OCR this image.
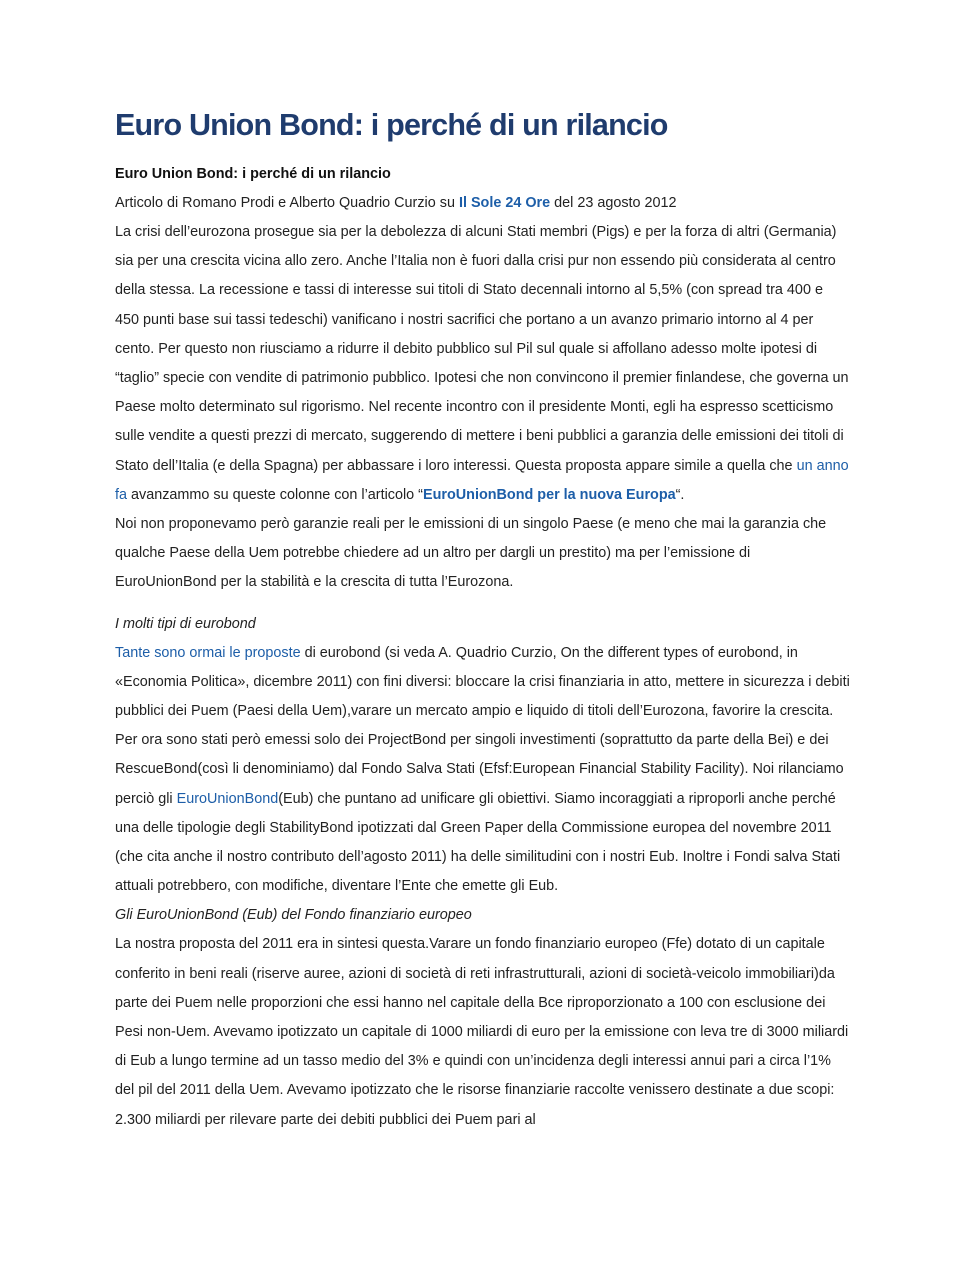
Euro Union Bond: i perché di un rilancio
Euro Union Bond: i perché di un rilancio
Articolo di Romano Prodi e Alberto Quadrio Curzio su Il Sole 24 Ore del 23 agosto 2012

La crisi dell’eurozona prosegue sia per la debolezza di alcuni Stati membri (Pigs) e per la forza di altri (Germania) sia per una crescita vicina allo zero. Anche l’Italia non è fuori dalla crisi pur non essendo più considerata al centro della stessa. La recessione e tassi di interesse sui titoli di Stato decennali intorno al 5,5% (con spread tra 400 e 450 punti base sui tassi tedeschi) vanificano i nostri sacrifici che portano a un avanzo primario intorno al 4 per cento. Per questo non riusciamo a ridurre il debito pubblico sul Pil sul quale si affollano adesso molte ipotesi di “taglio” specie con vendite di patrimonio pubblico. Ipotesi che non convincono il premier finlandese, che governa un Paese molto determinato sul rigorismo. Nel recente incontro con il presidente Monti, egli ha espresso scetticismo sulle vendite a questi prezzi di mercato, suggerendo di mettere i beni pubblici a garanzia delle emissioni dei titoli di Stato dell’Italia (e della Spagna) per abbassare i loro interessi. Questa proposta appare simile a quella che un anno fa avanzammo su queste colonne con l’articolo “EuroUnionBond per la nuova Europa“.

Noi non proponevamo però garanzie reali per le emissioni di un singolo Paese (e meno che mai la garanzia che qualche Paese della Uem potrebbe chiedere ad un altro per dargli un prestito) ma per l’emissione di EuroUnionBond per la stabilità e la crescita di tutta l’Eurozona.

I molti tipi di eurobond

Tante sono ormai le proposte di eurobond (si veda A. Quadrio Curzio, On the different types of eurobond, in «Economia Politica», dicembre 2011) con fini diversi: bloccare la crisi finanziaria in atto, mettere in sicurezza i debiti pubblici dei Puem (Paesi della Uem),varare un mercato ampio e liquido di titoli dell’Eurozona, favorire la crescita. Per ora sono stati però emessi solo dei ProjectBond per singoli investimenti (soprattutto da parte della Bei) e dei RescueBond(così li denominiamo) dal Fondo Salva Stati (Efsf:European Financial Stability Facility). Noi rilanciamo perciò gli EuroUnionBond(Eub) che puntano ad unificare gli obiettivi. Siamo incoraggiati a riproporli anche perché una delle tipologie degli StabilityBond ipotizzati dal Green Paper della Commissione europea del novembre 2011 (che cita anche il nostro contributo dell’agosto 2011) ha delle similitudini con i nostri Eub. Inoltre i Fondi salva Stati attuali potrebbero, con modifiche, diventare l’Ente che emette gli Eub.

Gli EuroUnionBond (Eub) del Fondo finanziario europeo

La nostra proposta del 2011 era in sintesi questa.Varare un fondo finanziario europeo (Ffe) dotato di un capitale conferito in beni reali (riserve auree, azioni di società di reti infrastrutturali, azioni di società-veicolo immobiliari)da parte dei Puem nelle proporzioni che essi hanno nel capitale della Bce riproporzionato a 100 con esclusione dei Pesi non-Uem. Avevamo ipotizzato un capitale di 1000 miliardi di euro per la emissione con leva tre di 3000 miliardi di Eub a lungo termine ad un tasso medio del 3% e quindi con un’incidenza degli interessi annui pari a circa l’1% del pil del 2011 della Uem. Avevamo ipotizzato che le risorse finanziarie raccolte venissero destinate a due scopi: 2.300 miliardi per rilevare parte dei debiti pubblici dei Puem pari al
